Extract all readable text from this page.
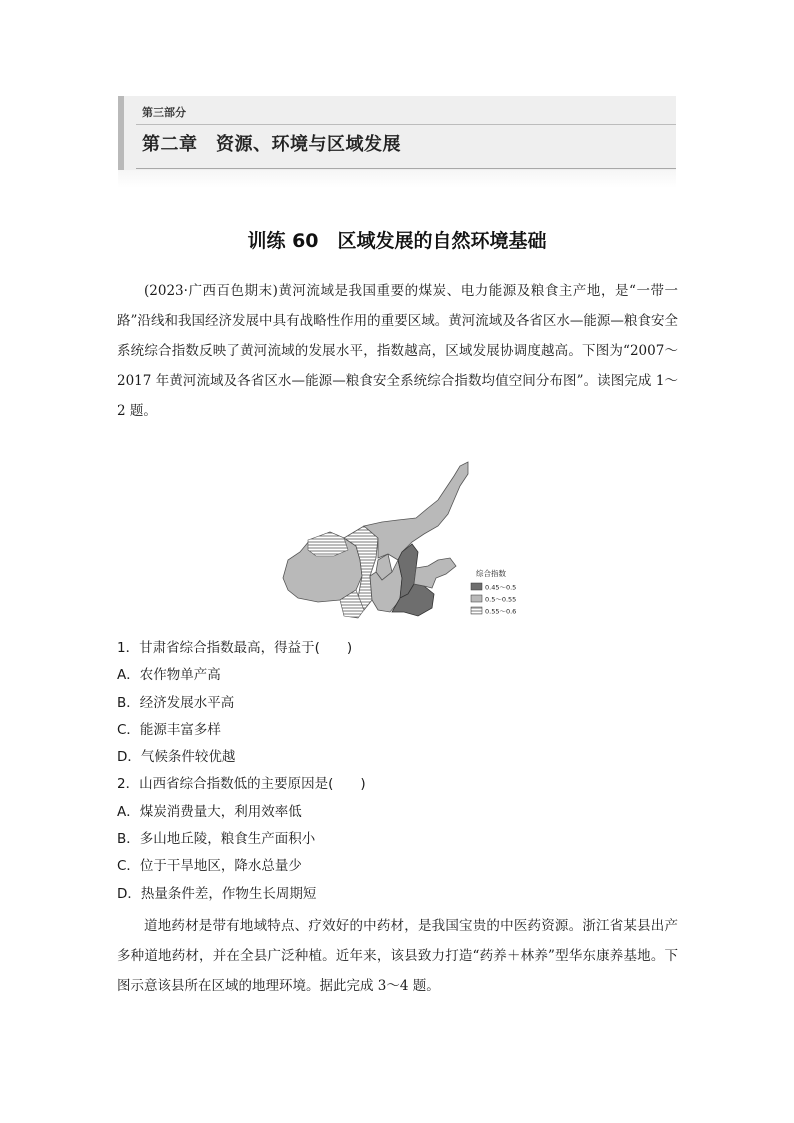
第三部分
第二章　资源、环境与区域发展
训练 60　区域发展的自然环境基础

(2023·广西百色期末)黄河流域是我国重要的煤炭、电力能源及粮食主产地，是“一带一路”沿线和我国经济发展中具有战略性作用的重要区域。黄河流域及各省区水—能源—粮食安全系统综合指数反映了黄河流域的发展水平，指数越高，区域发展协调度越高。下图为“2007～2017 年黄河流域及各省区水—能源—粮食安全系统综合指数均值空间分布图”。读图完成 1～2 题。

综合指数
0.45～0.5
0.5～0.55
0.55～0.6
1．甘肃省综合指数最高，得益于(　　)
A．农作物单产高
B．经济发展水平高
C．能源丰富多样
D．气候条件较优越
2．山西省综合指数低的主要原因是(　　)
A．煤炭消费量大，利用效率低
B．多山地丘陵，粮食生产面积小
C．位于干旱地区，降水总量少
D．热量条件差，作物生长周期短

道地药材是带有地域特点、疗效好的中药材，是我国宝贵的中医药资源。浙江省某县出产多种道地药材，并在全县广泛种植。近年来，该县致力打造“药养＋林养”型华东康养基地。下图示意该县所在区域的地理环境。据此完成 3～4 题。
